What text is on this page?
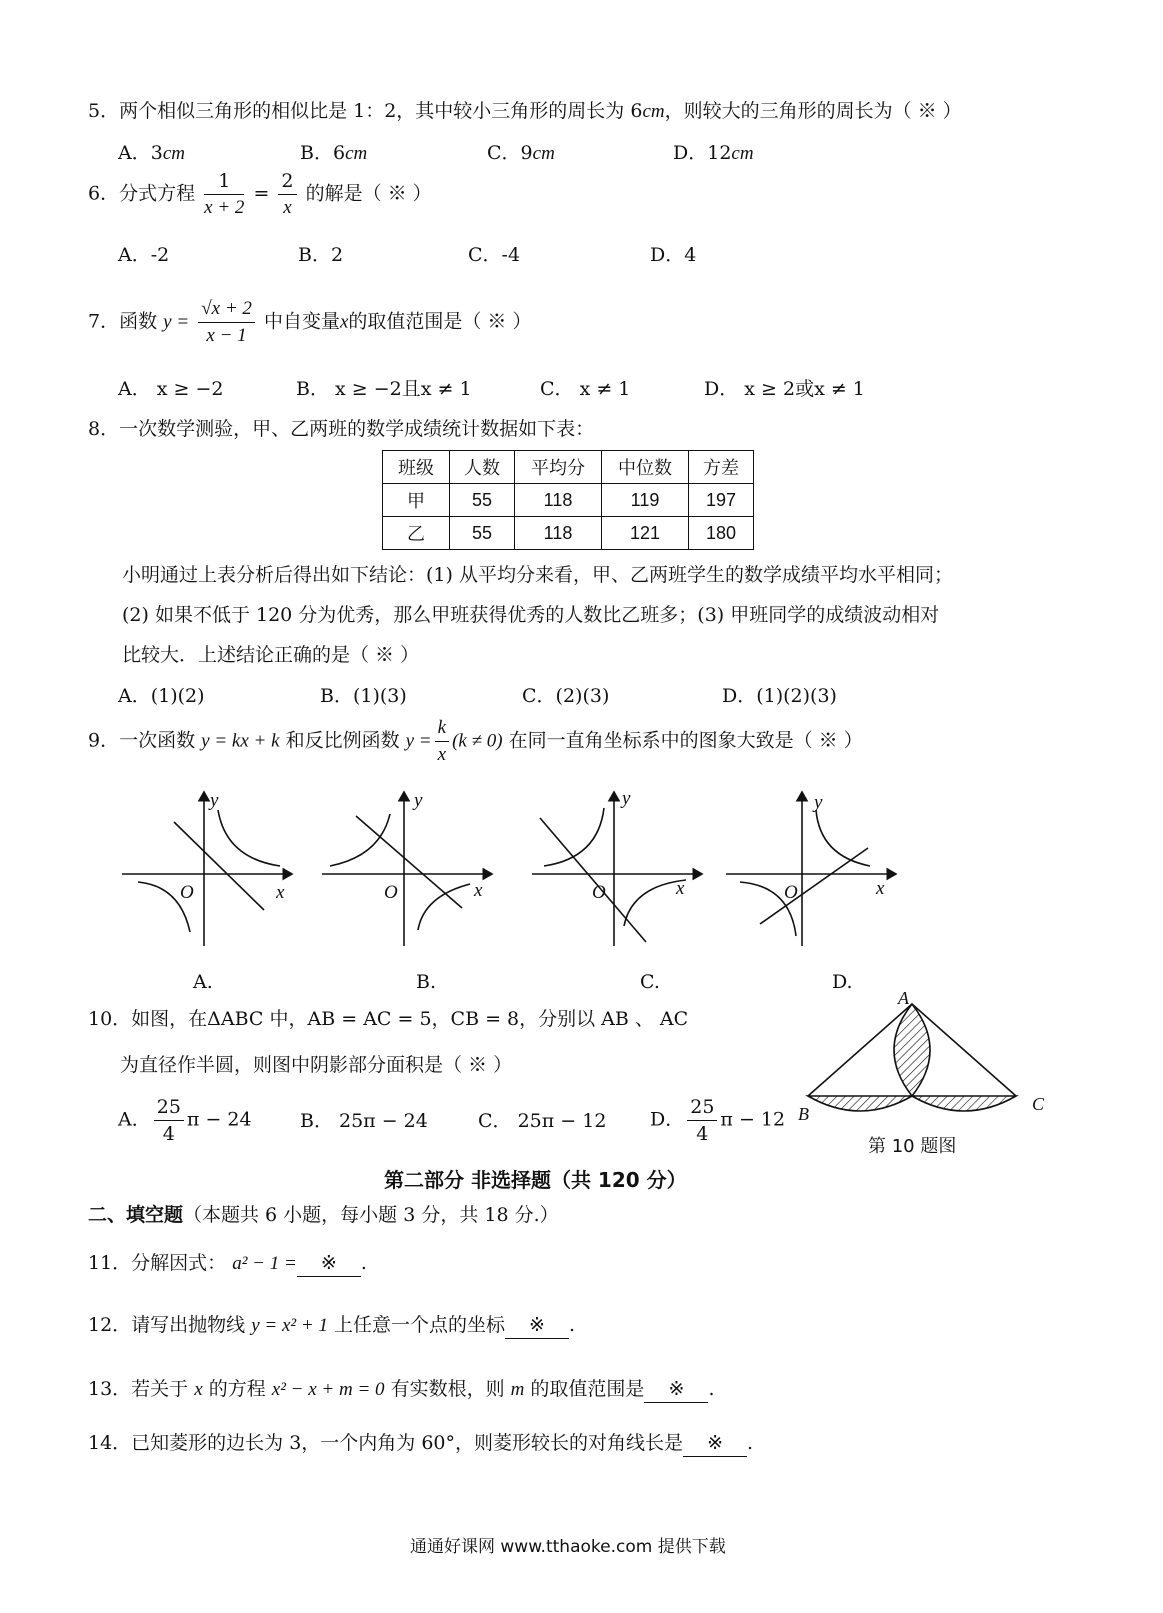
5．两个相似三角形的相似比是 1：2，其中较小三角形的周长为 6cm，则较大的三角形的周长为（ ※ ）
A．3cm	B．6cm	C．9cm	D．12cm
6．分式方程 $\frac{1}{x + 2} = \frac{2}{x}$ 的解是（ ※ ）
A．-2	B．2	C．-4	D．4
7．函数 $y = \frac{√x + 2}{x - 1}$ 中自变量x的取值范围是（ ※ ）
A． x ≥ −2	B． x ≥ −2且x ≠ 1	C． x ≠ 1	D． x ≥ 2或x ≠ 1
8．一次数学测验，甲、乙两班的数学成绩统计数据如下表：
班级	人数	平均分	中位数	方差
甲	55	118	119	197
乙	55	118	121	180
小明通过上表分析后得出如下结论：(1) 从平均分来看，甲、乙两班学生的数学成绩平均水平相同；
(2) 如果不低于 120 分为优秀，那么甲班获得优秀的人数比乙班多；(3) 甲班同学的成绩波动相对
比较大．上述结论正确的是（ ※ ）
A．(1)(2)	B．(1)(3)	C．(2)(3)	D．(1)(2)(3)
9．一次函数 y = kx + k 和反比例函数 $y = \frac{k}{x} (k \ne 0)$ 在同一直角坐标系中的图象大致是（ ※ ）
y
x
O
y
x
O
y
x
O
y
x
O
A.	B.	C.	D.
10．如图，在ΔABC 中，AB = AC = 5，CB = 8，分别以 AB 、 AC
为直径作半圆，则图中阴影部分面积是（ ※ ）
A． $\frac{25}{4}$ π − 24	B． 25π − 24	C． 25π − 12 D． $\frac{25}{4}$ π − 12
A
B	C
第 10 题图
第二部分 非选择题（共 120 分）
二、填空题（本题共 6 小题，每小题 3 分，共 18 分.）
11．分解因式： a² − 1 = ※ .
12．请写出抛物线 y = x² + 1 上任意一个点的坐标 ※ .
13．若关于 x 的方程 x² − x + m = 0 有实数根，则 m 的取值范围是 ※ .
14．已知菱形的边长为 3，一个内角为 60°，则菱形较长的对角线长是 ※ .
通通好课网 www.tthaoke.com 提供下载
